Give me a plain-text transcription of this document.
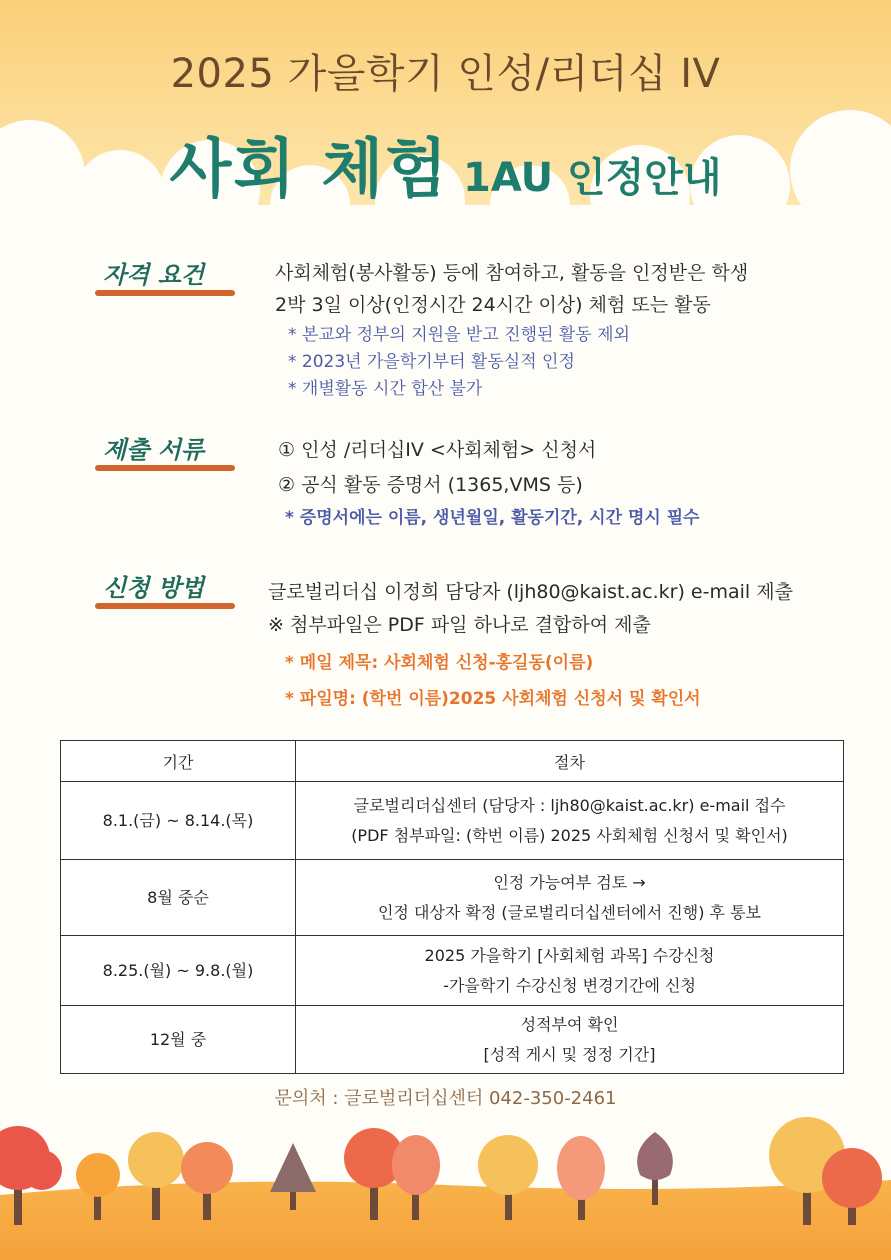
2025 가을학기 인성/리더십 IV
사회 체험 1AU 인정안내
자격 요건	사회체험(봉사활동) 등에 참여하고, 활동을 인정받은 학생
2박 3일 이상(인정시간 24시간 이상) 체험 또는 활동
* 본교와 정부의 지원을 받고 진행된 활동 제외
* 2023년 가을학기부터 활동실적 인정
* 개별활동 시간 합산 불가
제출 서류	① 인성 /리더십IV <사회체험> 신청서
② 공식 활동 증명서 (1365,VMS 등)
* 증명서에는 이름, 생년월일, 활동기간, 시간 명시 필수
신청 방법	글로벌리더십 이정희 담당자 (ljh80@kaist.ac.kr) e-mail 제출
※ 첨부파일은 PDF 파일 하나로 결합하여 제출
* 메일 제목: 사회체험 신청-홍길동(이름)
* 파일명: (학번 이름)2025 사회체험 신청서 및 확인서
기간	절차
8.1.(금) ~ 8.14.(목)	글로벌리더십센터 (담당자 : ljh80@kaist.ac.kr) e-mail 접수
(PDF 첨부파일: (학번 이름) 2025 사회체험 신청서 및 확인서)

8월 중순	인정 가능여부 검토 →
인정 대상자 확정 (글로벌리더십센터에서 진행) 후 통보

8.25.(월) ~ 9.8.(월)	2025 가을학기 [사회체험 과목] 수강신청
-가을학기 수강신청 변경기간에 신청

12월 중	성적부여 확인
[성적 게시 및 정정 기간]
문의처 : 글로벌리더십센터 042-350-2461
